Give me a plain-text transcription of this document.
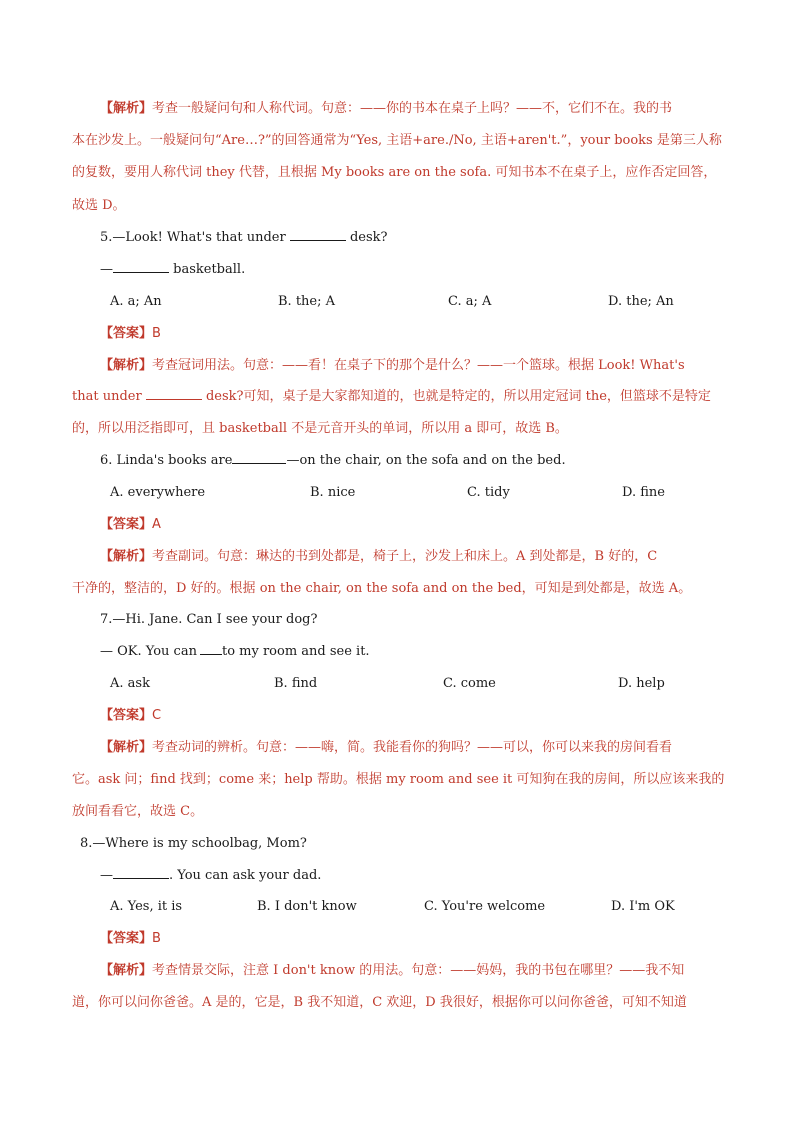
【解析】考查一般疑问句和人称代词。句意：——你的书本在桌子上吗？——不，它们不在。我的书
本在沙发上。一般疑问句“Are…?”的回答通常为“Yes, 主语+are./No, 主语+aren't.”，your books 是第三人称
的复数，要用人称代词 they 代替，且根据 My books are on the sofa. 可知书本不在桌子上，应作否定回答，
故选 D。
5.—Look! What's that under	desk?
—	basketball.
A. a; An	B. the; A	C. a; A	D. the; An
【答案】B
【解析】考查冠词用法。句意：——看！在桌子下的那个是什么？——一个篮球。根据 Look! What's
that under	desk?可知，桌子是大家都知道的，也就是特定的，所以用定冠词 the，但篮球不是特定
的，所以用泛指即可，且 basketball 不是元音开头的单词，所以用 a 即可，故选 B。
6. Linda's books are	—on the chair, on the sofa and on the bed.
A. everywhere	B. nice	C. tidy	D. fine
【答案】A
【解析】考查副词。句意：琳达的书到处都是，椅子上，沙发上和床上。A 到处都是，B 好的，C
干净的，整洁的，D 好的。根据 on the chair, on the sofa and on the bed，可知是到处都是，故选 A。
7.—Hi. Jane. Can I see your dog?
— OK. You can to my room and see it.
A. ask	B. find	C. come	D. help
【答案】C
【解析】考查动词的辨析。句意：——嗨，简。我能看你的狗吗？——可以，你可以来我的房间看看
它。ask 问；find 找到；come 来；help 帮助。根据 my room and see it 可知狗在我的房间，所以应该来我的
放间看看它，故选 C。
8.—Where is my schoolbag, Mom?
—	. You can ask your dad.
A. Yes, it is	B. I don't know	C. You're welcome	D. I'm OK
【答案】B
【解析】考查情景交际，注意 I don't know 的用法。句意：——妈妈，我的书包在哪里？——我不知
道，你可以问你爸爸。A 是的，它是，B 我不知道，C 欢迎，D 我很好，根据你可以问你爸爸，可知不知道
